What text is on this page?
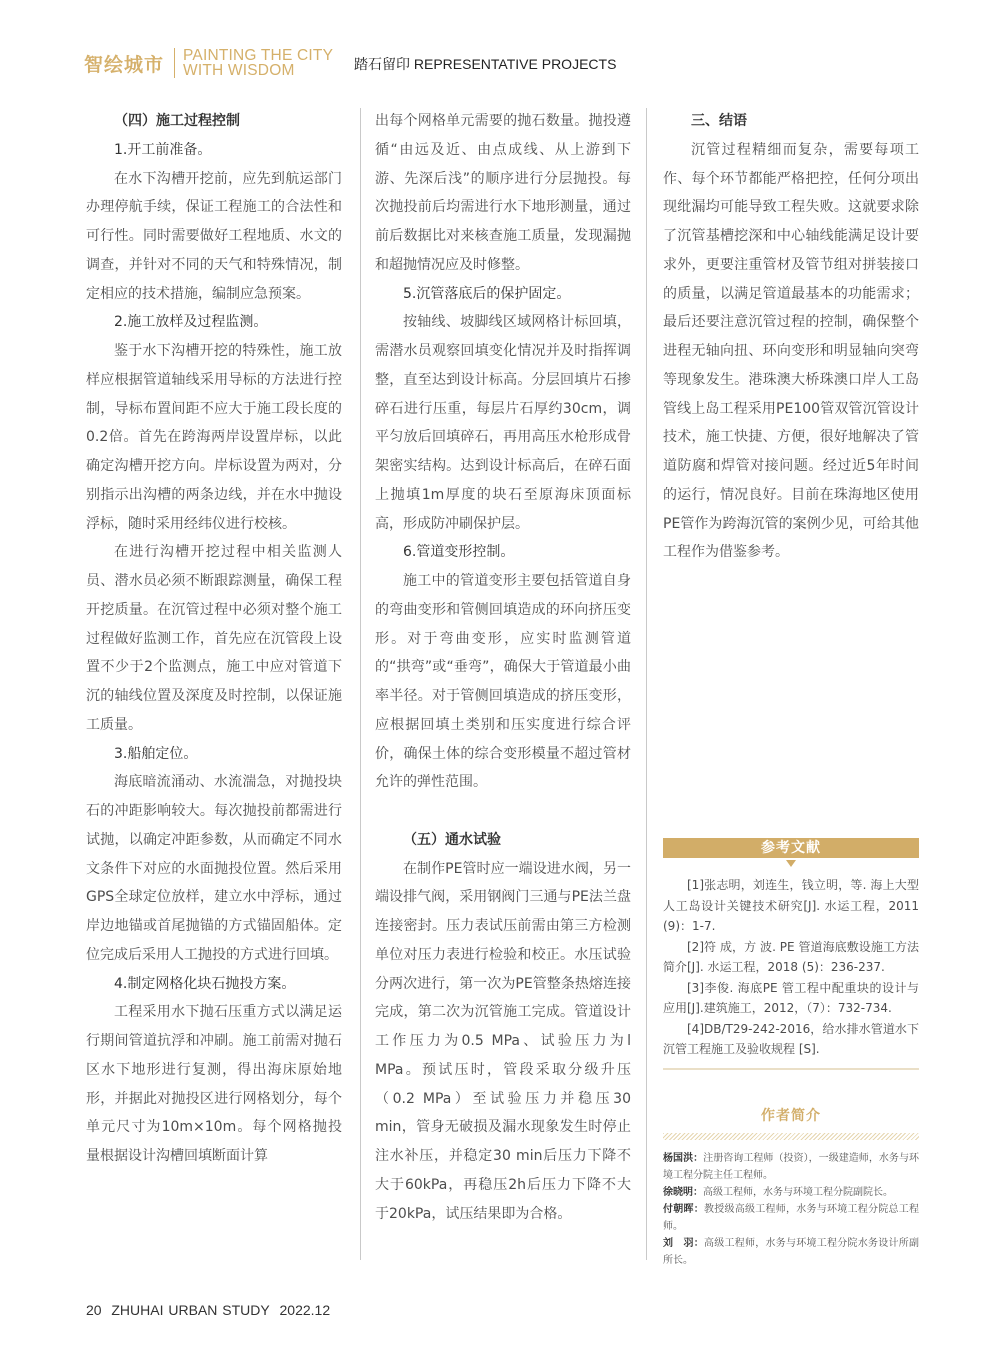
智绘城市 PAINTING THE CITY
WITH WISDOM	踏石留印 REPRESENTATIVE PROJECTS
（四）施工过程控制
1.开工前准备。

在水下沟槽开挖前，应先到航运部门办理停航手续，保证工程施工的合法性和可行性。同时需要做好工程地质、水文的调查，并针对不同的天气和特殊情况，制定相应的技术措施，编制应急预案。

2.施工放样及过程监测。

鉴于水下沟槽开挖的特殊性，施工放样应根据管道轴线采用导标的方法进行控制，导标布置间距不应大于施工段长度的0.2倍。首先在跨海两岸设置岸标，以此确定沟槽开挖方向。岸标设置为两对，分别指示出沟槽的两条边线，并在水中抛设浮标，随时采用经纬仪进行校核。

在进行沟槽开挖过程中相关监测人员、潜水员必须不断跟踪测量，确保工程开挖质量。在沉管过程中必须对整个施工过程做好监测工作，首先应在沉管段上设置不少于2个监测点，施工中应对管道下沉的轴线位置及深度及时控制，以保证施工质量。

3.船舶定位。

海底暗流涌动、水流湍急，对抛投块石的冲距影响较大。每次抛投前都需进行试抛，以确定冲距参数，从而确定不同水文条件下对应的水面抛投位置。然后采用GPS全球定位放样，建立水中浮标，通过岸边地锚或首尾抛锚的方式锚固船体。定位完成后采用人工抛投的方式进行回填。

4.制定网格化块石抛投方案。

工程采用水下抛石压重方式以满足运行期间管道抗浮和冲刷。施工前需对抛石区水下地形进行复测，得出海床原始地形，并据此对抛投区进行网格划分，每个单元尺寸为10m×10m。每个网格抛投量根据设计沟槽回填断面计算

出每个网格单元需要的抛石数量。抛投遵循“由远及近、由点成线、从上游到下游、先深后浅”的顺序进行分层抛投。每次抛投前后均需进行水下地形测量，通过前后数据比对来核查施工质量，发现漏抛和超抛情况应及时修整。

5.沉管落底后的保护固定。

按轴线、坡脚线区域网格计标回填，需潜水员观察回填变化情况并及时指挥调整，直至达到设计标高。分层回填片石掺碎石进行压重，每层片石厚约30cm，调平匀放后回填碎石，再用高压水枪形成骨架密实结构。达到设计标高后，在碎石面上抛填1m厚度的块石至原海床顶面标高，形成防冲刷保护层。

6.管道变形控制。

施工中的管道变形主要包括管道自身的弯曲变形和管侧回填造成的环向挤压变形。对于弯曲变形，应实时监测管道的“拱弯”或“垂弯”，确保大于管道最小曲率半径。对于管侧回填造成的挤压变形，应根据回填土类别和压实度进行综合评价，确保土体的综合变形模量不超过管材允许的弹性范围。

（五）通水试验

在制作PE管时应一端设进水阀，另一端设排气阀，采用钢阀门三通与PE法兰盘连接密封。压力表试压前需由第三方检测单位对压力表进行检验和校正。水压试验分两次进行，第一次为PE管整条热熔连接完成，第二次为沉管施工完成。管道设计工作压力为0.5 MPa、试验压力为l MPa。预试压时，管段采取分级升压（0.2 MPa）至试验压力并稳压30 min，管身无破损及漏水现象发生时停止注水补压，并稳定30 min后压力下降不大于60kPa，再稳压2h后压力下降不大于20kPa，试压结果即为合格。

三、结语

沉管过程精细而复杂，需要每项工作、每个环节都能严格把控，任何分项出现纰漏均可能导致工程失败。这就要求除了沉管基槽挖深和中心轴线能满足设计要求外，更要注重管材及管节组对拼装接口的质量，以满足管道最基本的功能需求；最后还要注意沉管过程的控制，确保整个进程无轴向扭、环向变形和明显轴向突弯等现象发生。港珠澳大桥珠澳口岸人工岛管线上岛工程采用PE100管双管沉管设计技术，施工快捷、方便，很好地解决了管道防腐和焊管对接问题。经过近5年时间的运行，情况良好。目前在珠海地区使用PE管作为跨海沉管的案例少见，可给其他工程作为借鉴参考。

参考文献

[1]张志明，刘连生，钱立明，等. 海上大型人工岛设计关键技术研究[J]. 水运工程，2011 (9)：1-7.

[2]符 成，方 波. PE 管道海底敷设施工方法简介[J]. 水运工程，2018 (5)：236-237.

[3]李俊. 海底PE 管工程中配重块的设计与应用[J].建筑施工，2012，（7）：732-734.

[4]DB/T29-242-2016，给水排水管道水下沉管工程施工及验收规程 [S].

作者简介

杨国洪：注册咨询工程师（投资），一级建造师，水务与环境工程分院主任工程师。

徐晓明：高级工程师，水务与环境工程分院副院长。

付朝晖：教授级高级工程师，水务与环境工程分院总工程师。

刘　羽：高级工程师，水务与环境工程分院水务设计所副所长。

20 ZHUHAI URBAN STUDY 2022.12
